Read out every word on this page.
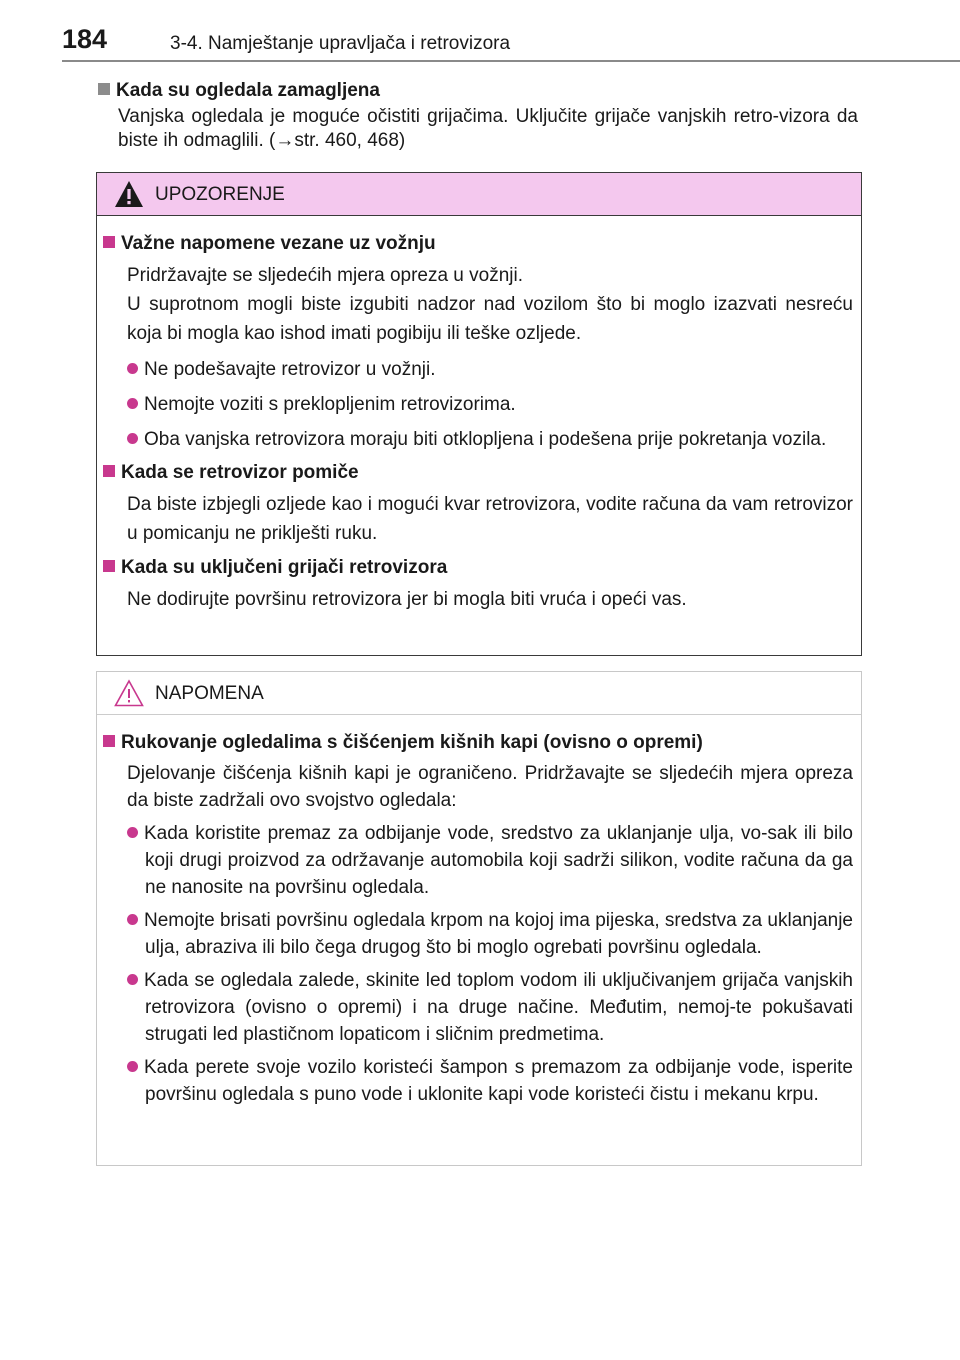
184	3-4. Namještanje upravljača i retrovizora
Kada su ogledala zamagljena

Vanjska ogledala je moguće očistiti grijačima. Uključite grijače vanjskih retro-vizora da biste ih odmaglili. (→str. 460, 468)

UPOZORENJE
Važne napomene vezane uz vožnju
Pridržavajte se sljedećih mjera opreza u vožnji.
U suprotnom mogli biste izgubiti nadzor nad vozilom što bi moglo izazvati nesreću koja bi mogla kao ishod imati pogibiju ili teške ozljede.
Ne podešavajte retrovizor u vožnji.
Nemojte voziti s preklopljenim retrovizorima.
Oba vanjska retrovizora moraju biti otklopljena i podešena prije pokretanja vozila.
Kada se retrovizor pomiče
Da biste izbjegli ozljede kao i mogući kvar retrovizora, vodite računa da vam retrovizor u pomicanju ne priklješti ruku.
Kada su uključeni grijači retrovizora
Ne dodirujte površinu retrovizora jer bi mogla biti vruća i opeći vas.
NAPOMENA
Rukovanje ogledalima s čišćenjem kišnih kapi (ovisno o opremi)
Djelovanje čišćenja kišnih kapi je ograničeno. Pridržavajte se sljedećih mjera opreza da biste zadržali ovo svojstvo ogledala:
Kada koristite premaz za odbijanje vode, sredstvo za uklanjanje ulja, vo-sak ili bilo koji drugi proizvod za održavanje automobila koji sadrži silikon, vodite računa da ga ne nanosite na površinu ogledala.
Nemojte brisati površinu ogledala krpom na kojoj ima pijeska, sredstva za uklanjanje ulja, abraziva ili bilo čega drugog što bi moglo ogrebati površinu ogledala.
Kada se ogledala zalede, skinite led toplom vodom ili uključivanjem grijača vanjskih retrovizora (ovisno o opremi) i na druge načine. Međutim, nemoj-te pokušavati strugati led plastičnom lopaticom i sličnim predmetima.
Kada perete svoje vozilo koristeći šampon s premazom za odbijanje vode, isperite površinu ogledala s puno vode i uklonite kapi vode koristeći čistu i mekanu krpu.
